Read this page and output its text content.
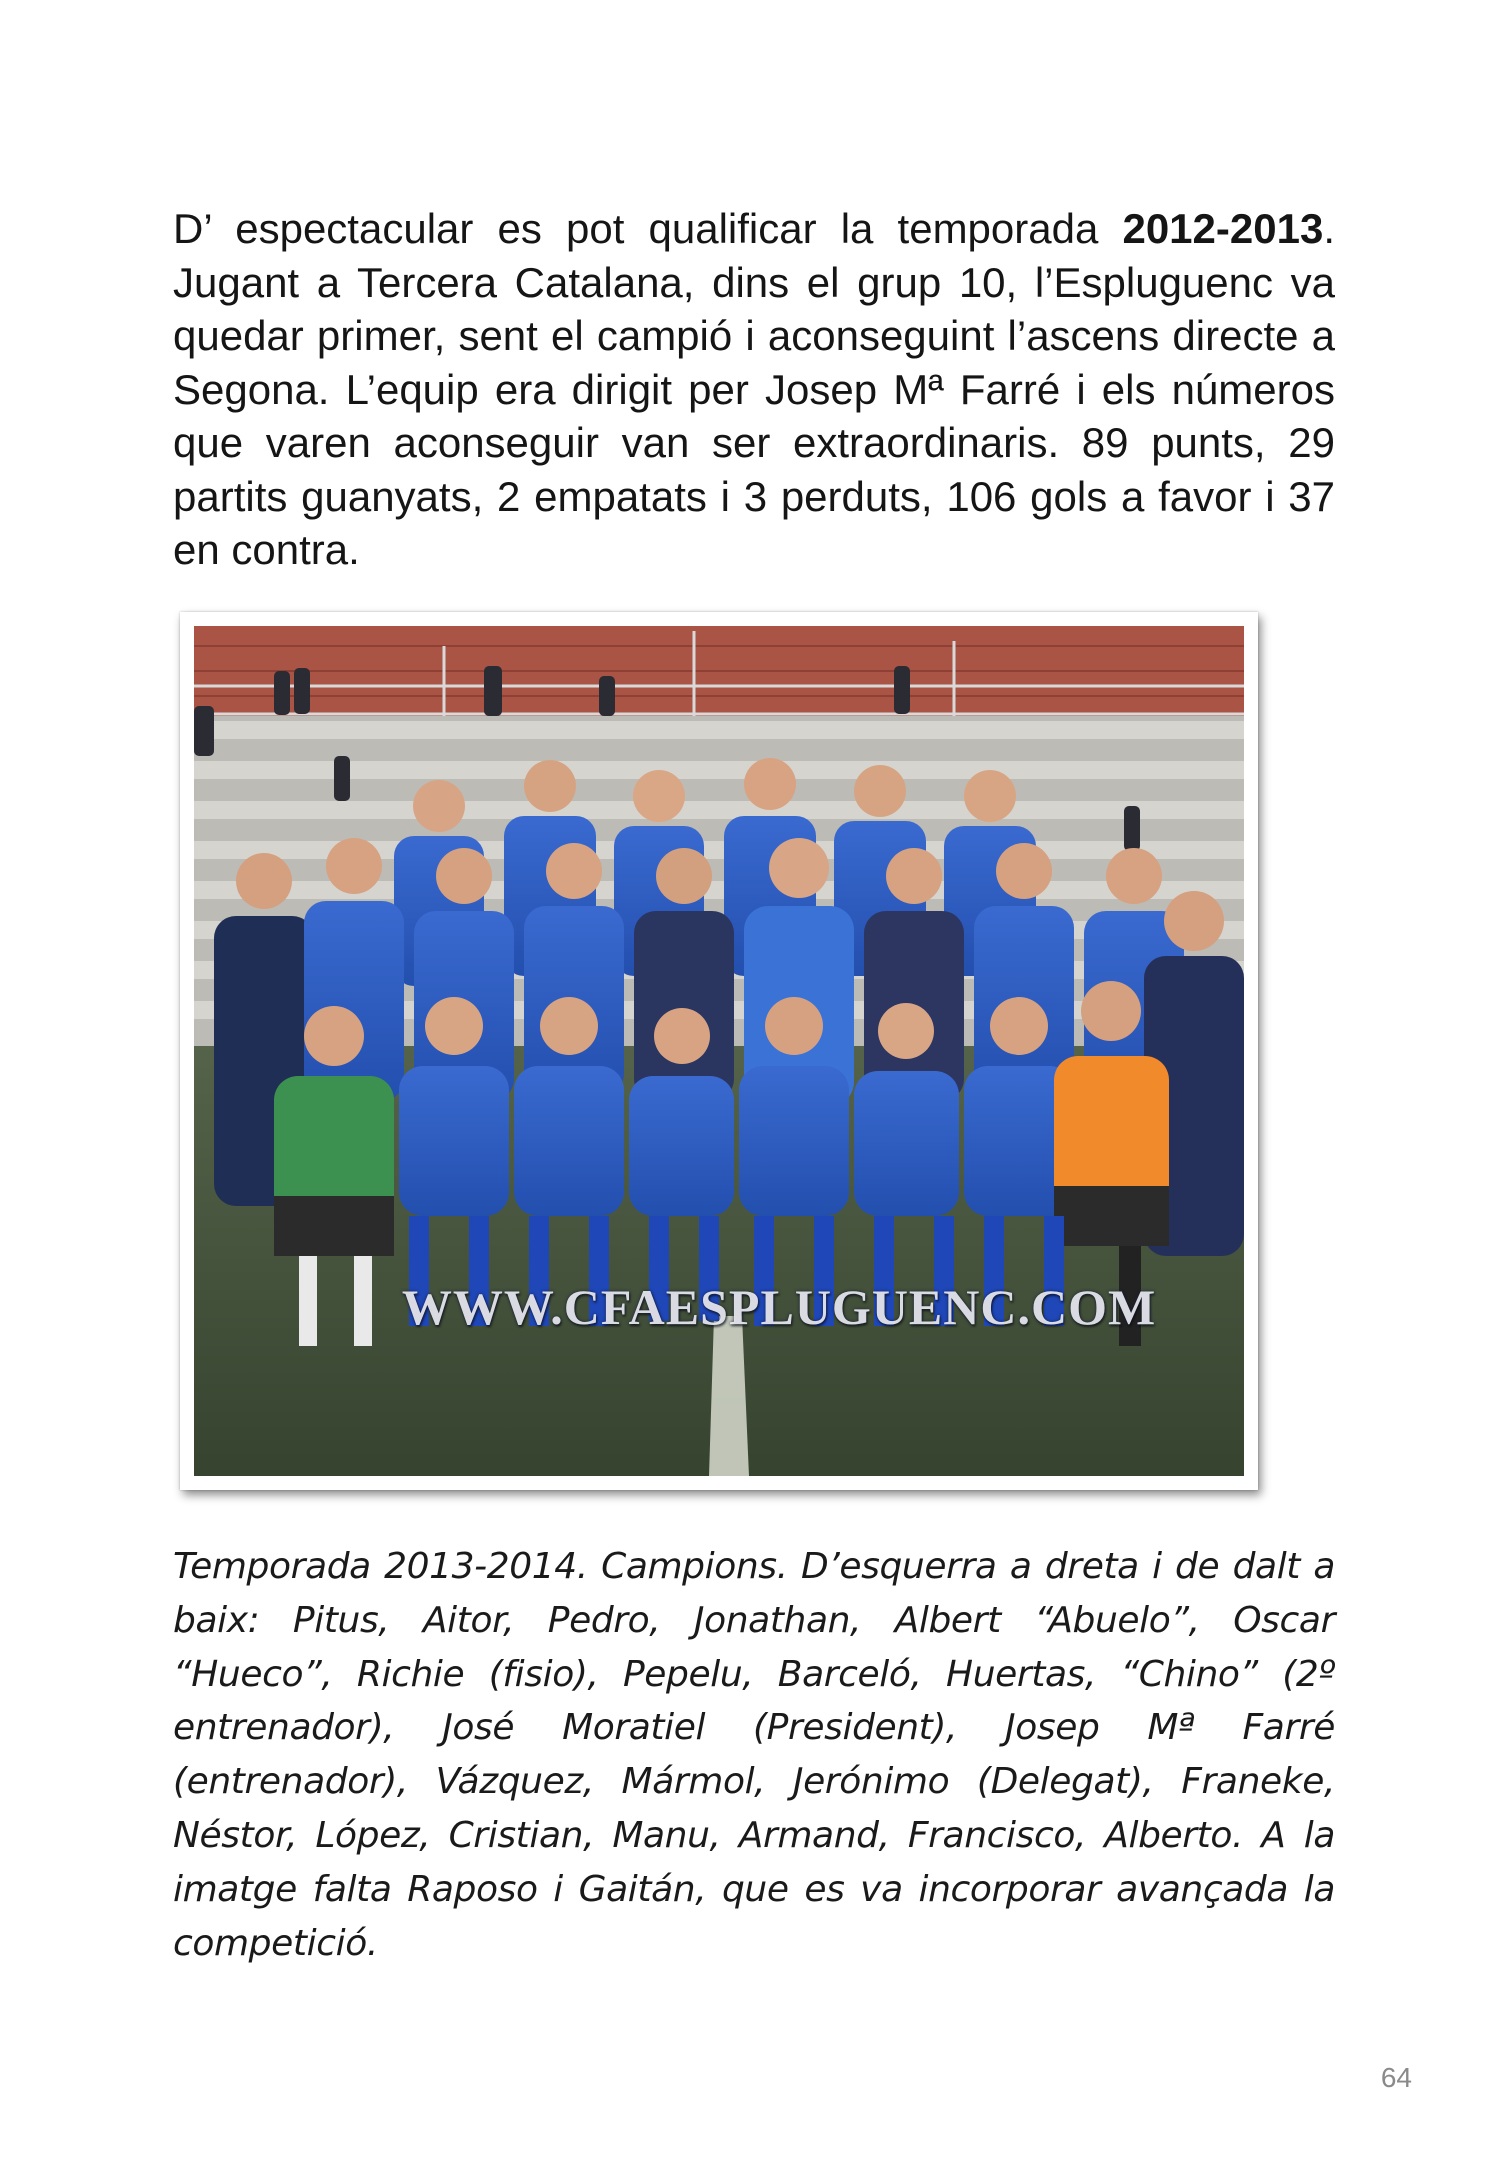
D’ espectacular es pot qualificar la temporada 2012-2013. Jugant a Tercera Catalana, dins el grup 10, l’Espluguenc va quedar primer, sent el campió i aconseguint l’ascens directe a Segona. L’equip era dirigit per Josep Mª Farré i els números que varen aconseguir van ser extraordinaris. 89 punts, 29 partits guanyats, 2 empatats i 3 perduts, 106 gols a favor i 37 en contra.

WWW.CFAESPLUGUENC.COM

Temporada 2013-2014. Campions. D’esquerra a dreta i de dalt a baix: Pitus, Aitor, Pedro, Jonathan, Albert “Abuelo”, Oscar “Hueco”, Richie (fisio), Pepelu, Barceló, Huertas, “Chino” (2º entrenador), José Moratiel (President), Josep Mª Farré (entrenador), Vázquez, Mármol, Jerónimo (Delegat), Franeke, Néstor, López, Cristian, Manu, Armand, Francisco, Alberto. A la imatge falta Raposo i Gaitán, que es va incorporar avançada la competició.

64
